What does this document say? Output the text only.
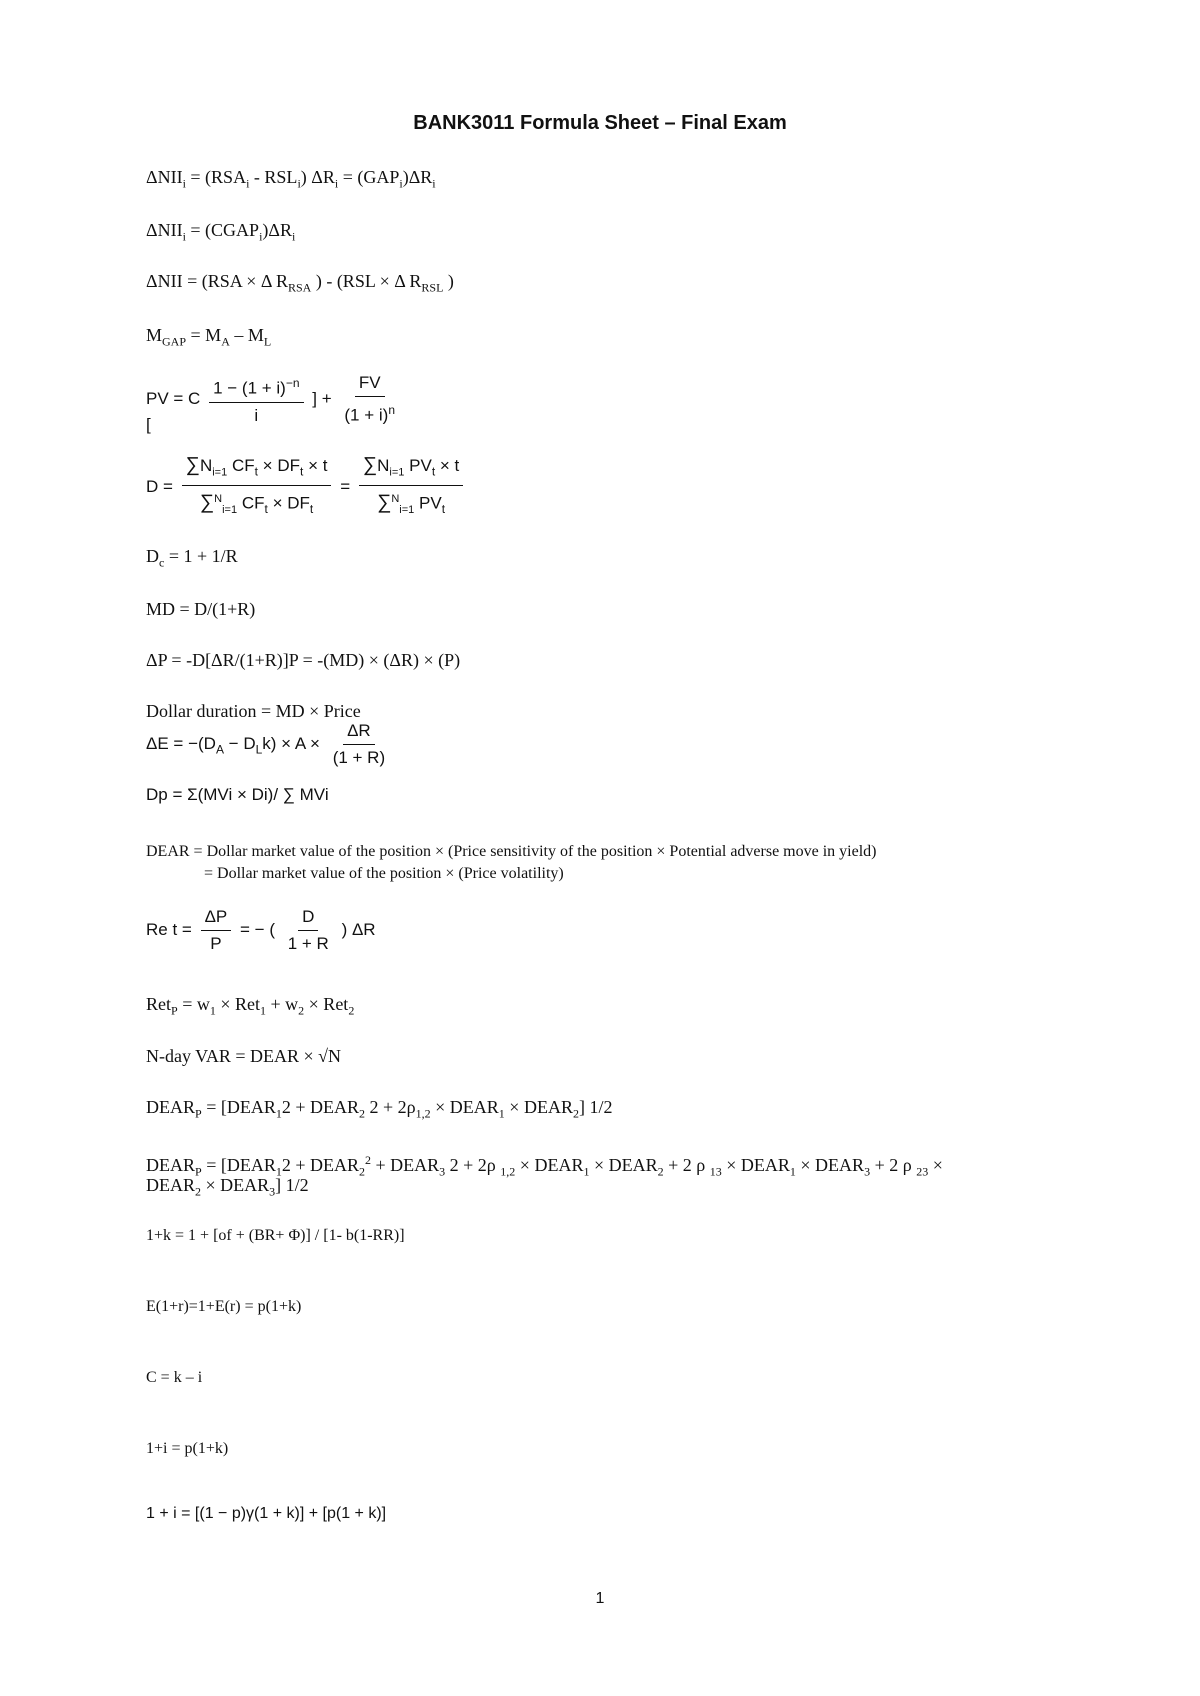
BANK3011 Formula Sheet – Final Exam
$\Delta NII_i = (RSA_i - RSL_i) \Delta R_i = (GAP_i)\Delta R_i$
$\Delta NII_i$ = $(CGAP_i)\Delta R_i$
ΔNII = (RSA × Δ $R_{RSA}$ ) - (RSL × Δ $R_{RSL}$ )
$M_{GAP} = M_A - M_L$
PV = C $\frac{1 - (1 + i)^{-n}}{i}$ ] + $\frac{FV}{(1 + i)^n}$
[
$D = \frac{\sum N_{i=1} CF_t \times DF_t \times t}{\sum^N_{i=1} CF_t \times DF_t} = \frac{\sum N_{i=1} PV_t \times t}{\sum^N_{i=1} PV_t}$
$D_c = 1 + 1/R$
MD = D/(1+R)
ΔP = -D[ΔR/(1+R)]P = -(MD) × (ΔR) × (P)
Dollar duration = MD × Price
$\Delta E = -(D_A - D_Lk) \times A \times \frac{\Delta R}{(1 + R)}$
Dp = Σ(MVi × Di)/ ∑ MVi
DEAR = Dollar market value of the position × (Price sensitivity of the position × Potential adverse move in yield)
= Dollar market value of the position × (Price volatility)
Re $t = \frac{\Delta P}{P}$ = − ( $\frac{D}{1 + R}$ ) ΔR
$Ret_P = w_1 \times Ret_1 + w_2 \times Ret_2$
N-day VAR = DEAR × √N
$DEAR_P$ = [$DEAR_12$ + $DEAR_2$ $2 + 2\rho_{1,2}$ × $DEAR_1$ × $DEAR_2$] 1/2
$DEAR_P$ = [$DEAR_12$ + $DEAR_2^2$ + $DEAR_3$ 2 + 2ρ $_{1,2} \times DEAR_1$ × $DEAR_2 + 2$ ρ $_{13} \times DEAR_1$ × $DEAR_3 + 2$ ρ $_{23}$ ×
$DEAR_2$ × $DEAR_3$] 1/2
1+k = 1 + [of + (BR+ Φ)] / [1- b(1-RR)]
E(1+r)=1+E(r) = p(1+k)
C = k – i
1+i = p(1+k)
1 + i = [(1 − p)γ(1 + k)] + [p(1 + k)]
1
